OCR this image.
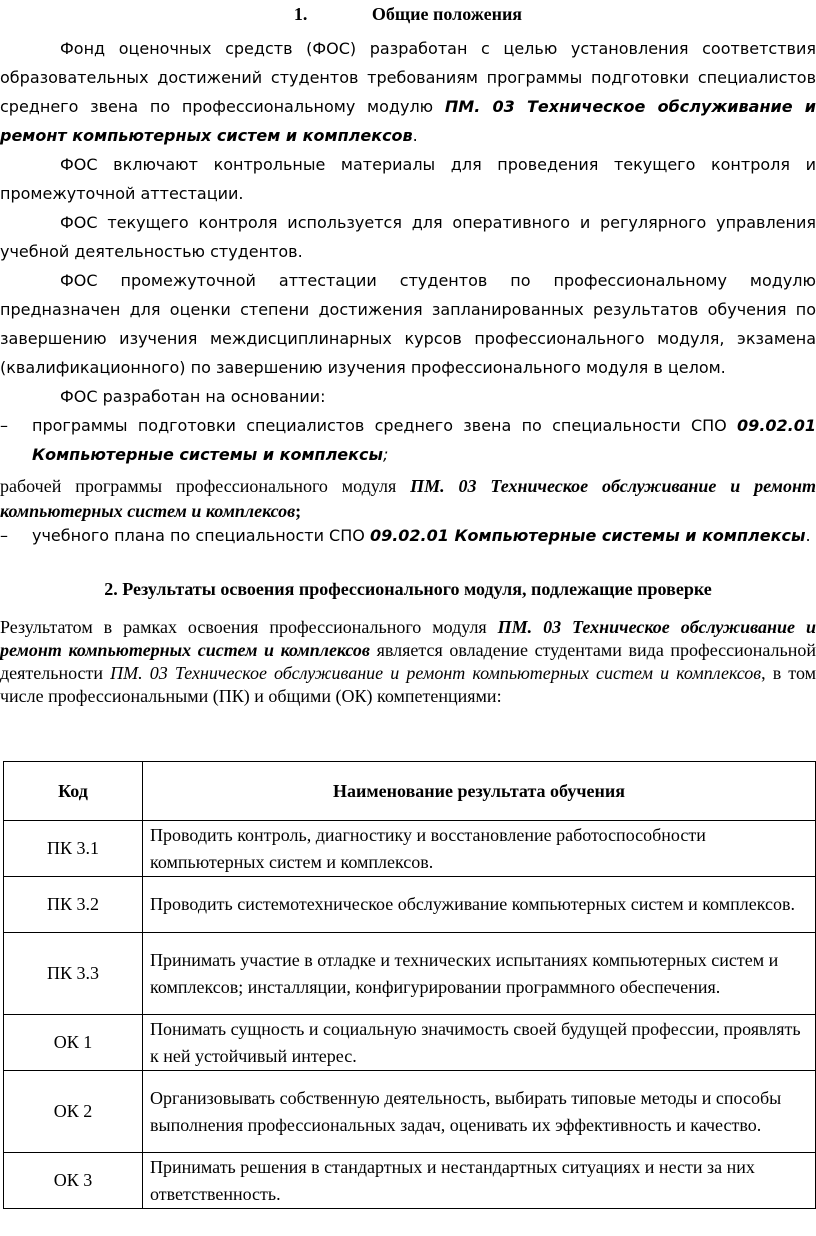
1.	Общие положения

Фонд оценочных средств (ФОС) разработан с целью установления соответствия образовательных достижений студентов требованиям программы подготовки специалистов среднего звена по профессиональному модулю ПМ. 03 Техническое обслуживание и ремонт компьютерных систем и комплексов.

ФОС включают контрольные материалы для проведения текущего контроля и промежуточной аттестации.

ФОС текущего контроля используется для оперативного и регулярного управления учебной деятельностью студентов.

ФОС промежуточной аттестации студентов по профессиональному модулю предназначен для оценки степени достижения запланированных результатов обучения по завершению изучения междисциплинарных курсов профессионального модуля, экзамена (квалификационного) по завершению изучения профессионального модуля в целом.

ФОС разработан на основании:

–	программы подготовки специалистов среднего звена по специальности СПО 09.02.01 Компьютерные системы и комплексы;
рабочей программы профессионального модуля ПМ. 03 Техническое обслуживание и ремонт компьютерных систем и комплексов;
–	учебного плана по специальности СПО 09.02.01 Компьютерные системы и комплексы.
2. Результаты освоения профессионального модуля, подлежащие проверке
Результатом в рамках освоения профессионального модуля ПМ. 03 Техническое обслуживание и ремонт компьютерных систем и комплексов является овладение студентами вида профессиональной деятельности ПМ. 03 Техническое обслуживание и ремонт компьютерных систем и комплексов, в том числе профессиональными (ПК) и общими (ОК) компетенциями:
Код	Наименование результата обучения
ПК 3.1	Проводить контроль, диагностику и восстановление работоспособности компьютерных систем и комплексов.
ПК 3.2	Проводить системотехническое обслуживание компьютерных систем и комплексов.
ПК 3.3	Принимать участие в отладке и технических испытаниях компьютерных систем и комплексов; инсталляции, конфигурировании программного обеспечения.
ОК 1	Понимать сущность и социальную значимость своей будущей профессии, проявлять к ней устойчивый интерес.
ОК 2	Организовывать собственную деятельность, выбирать типовые методы и способы выполнения профессиональных задач, оценивать их эффективность и качество.
ОК 3	Принимать решения в стандартных и нестандартных ситуациях и нести за них ответственность.
